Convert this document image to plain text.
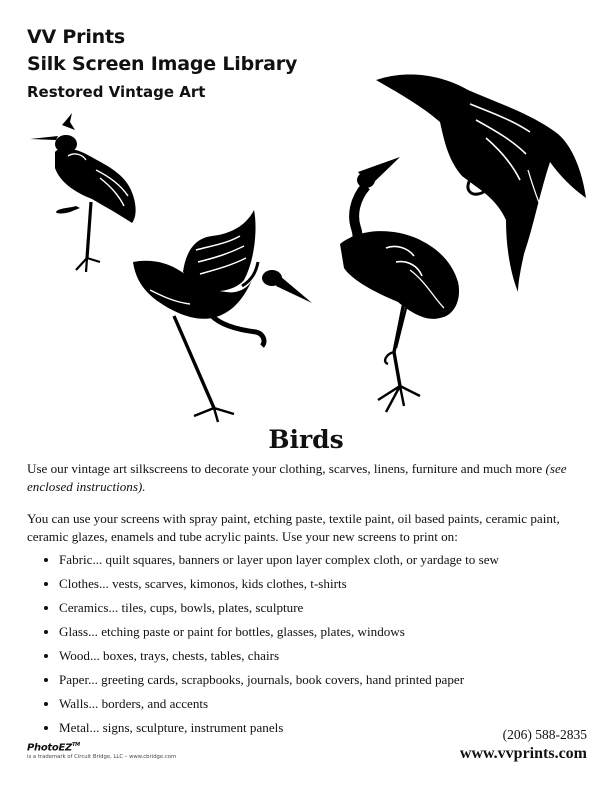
VV Prints
Silk Screen Image Library
Restored Vintage Art
Birds

Use our vintage art silkscreens to decorate your clothing, scarves, linens, furniture and much more (see enclosed instructions).

You can use your screens with spray paint, etching paste, textile paint, oil based paints, ceramic paint, ceramic glazes, enamels and tube acrylic paints. Use your new screens to print on:

• Fabric... quilt squares, banners or layer upon layer complex cloth, or yardage to sew
• Clothes... vests, scarves, kimonos, kids clothes, t-shirts
• Ceramics... tiles, cups, bowls, plates, sculpture
• Glass... etching paste or paint for bottles, glasses, plates, windows
• Wood... boxes, trays, chests, tables, chairs
• Paper... greeting cards, scrapbooks, journals, book covers, hand printed paper
• Walls... borders, and accents
• Metal... signs, sculpture, instrument panels
PhotoEZ™
is a trademark of Circuit Bridge, LLC – www.cbridge.com
(206) 588-2835
www.vvprints.com
